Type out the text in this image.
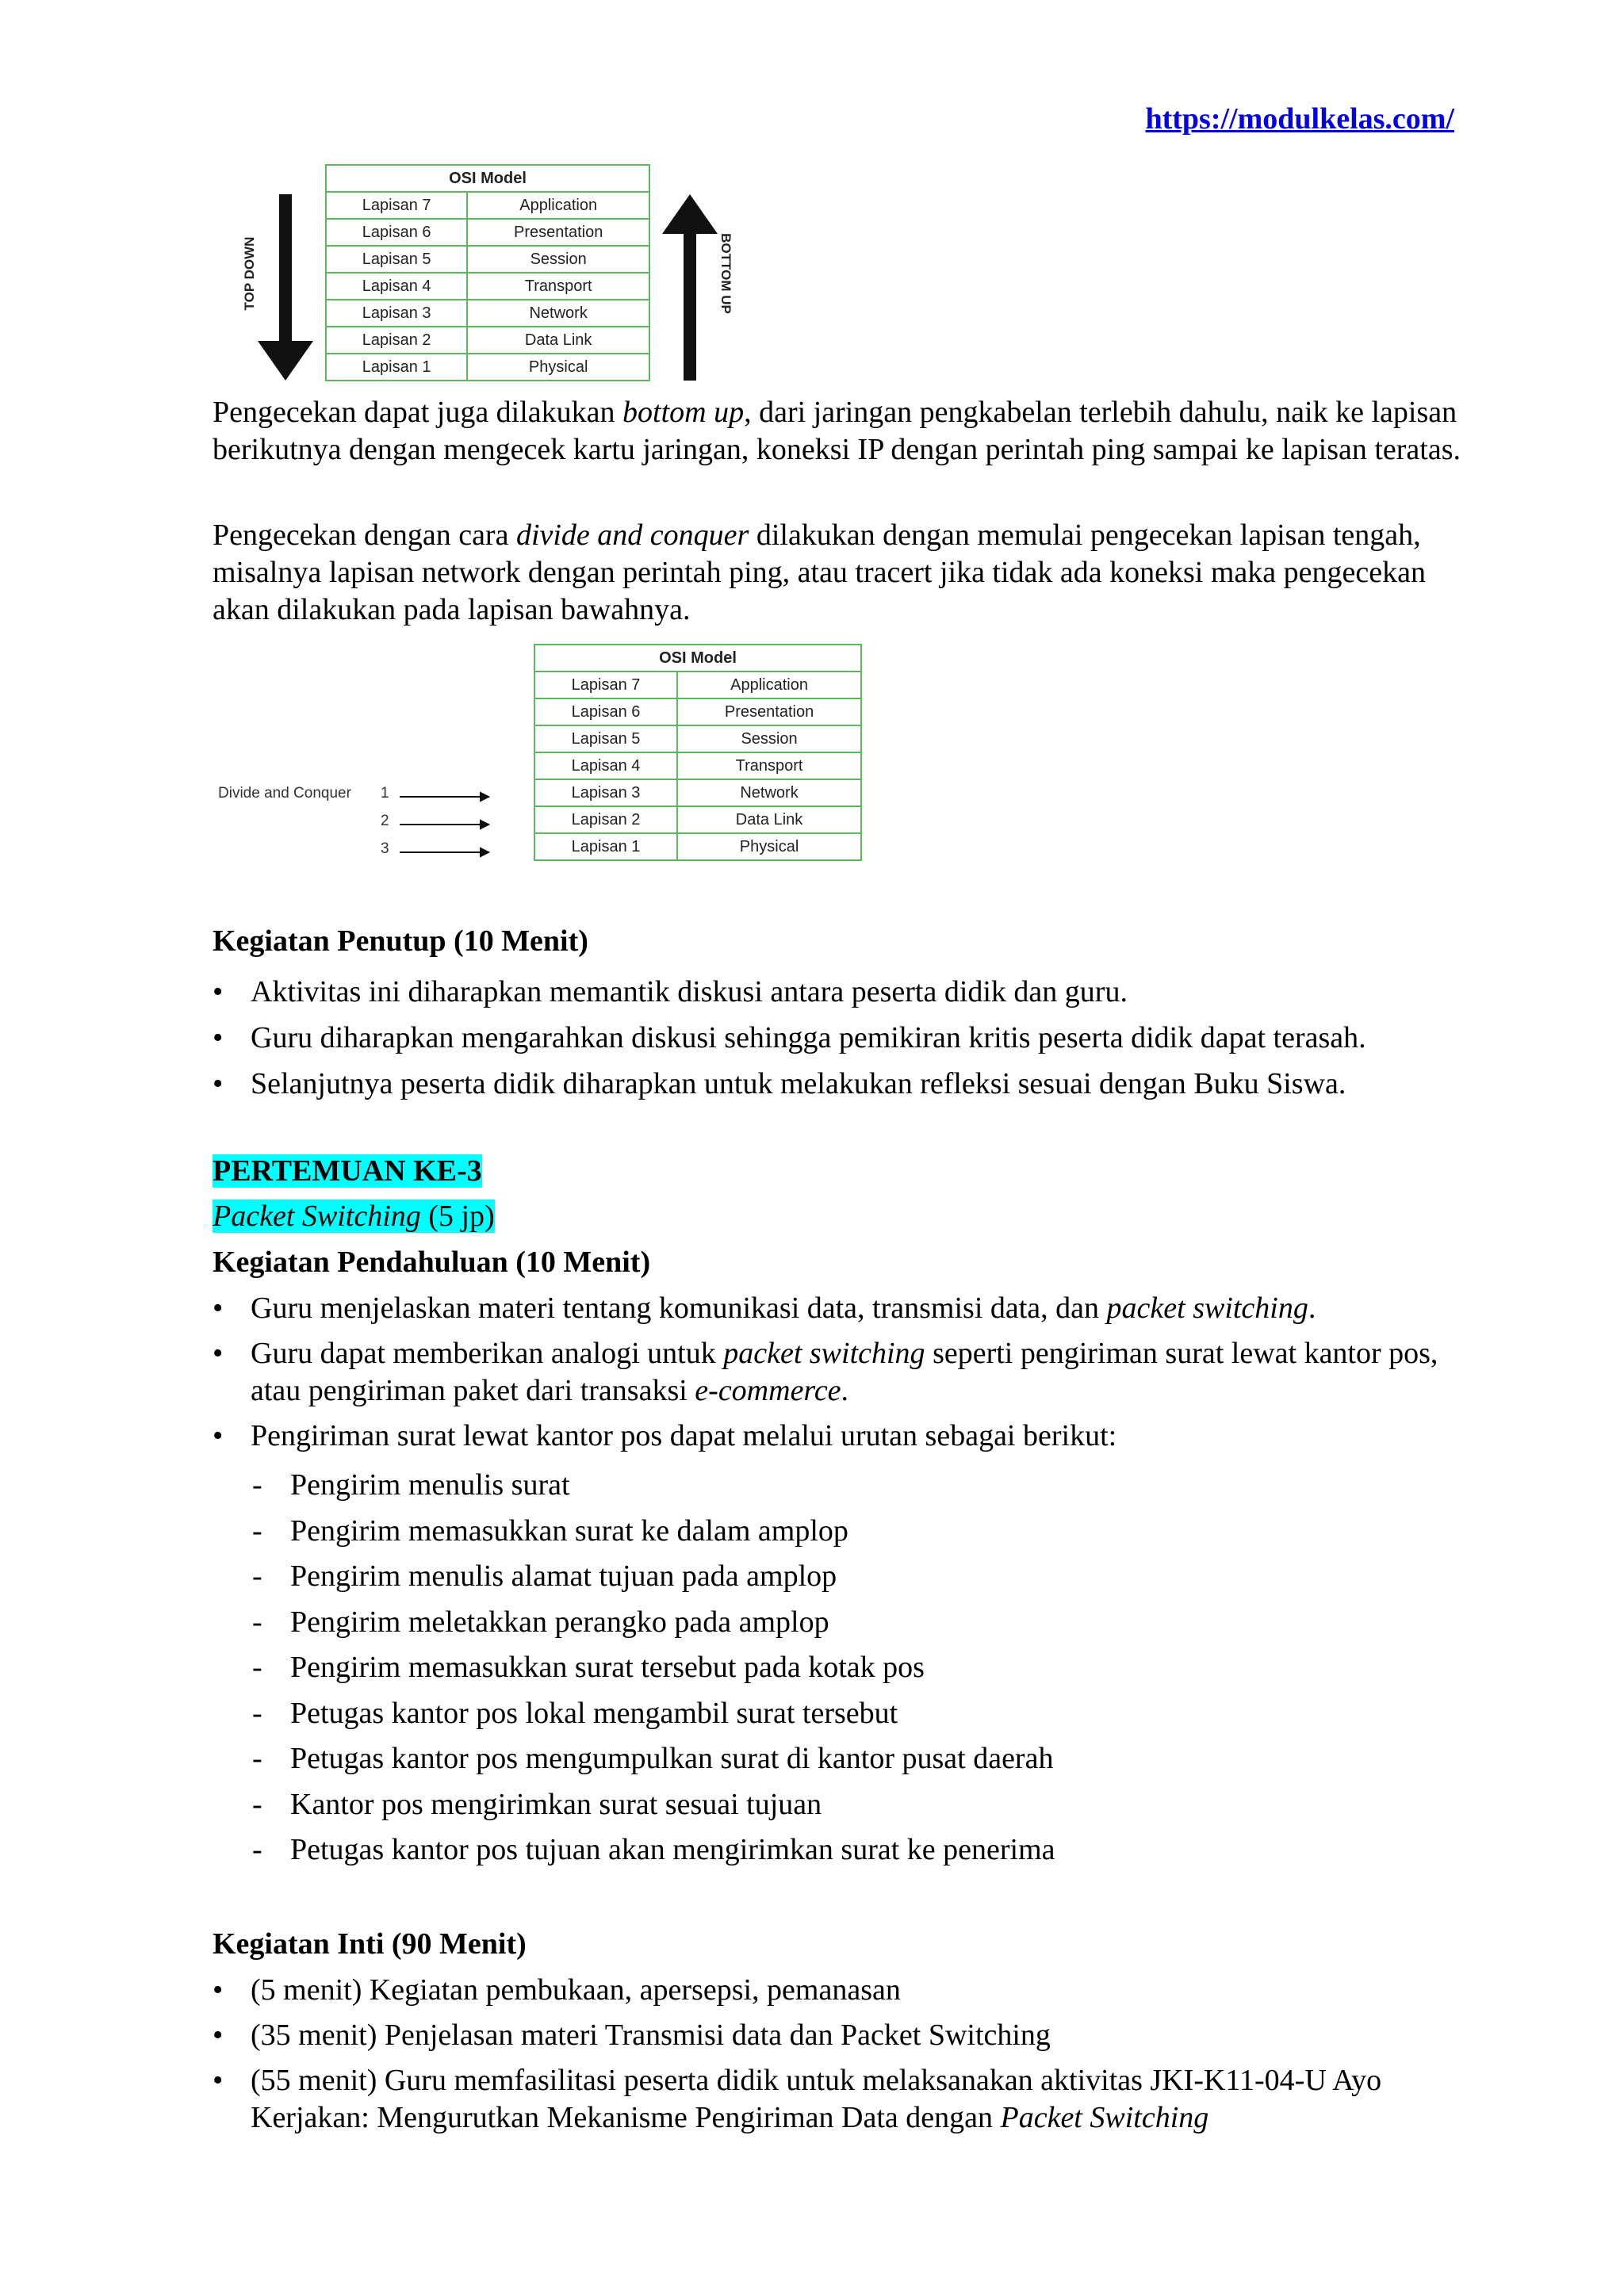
https://modulkelas.com/
TOP DOWN
OSI Model	
Lapisan 7	Application
Lapisan 6	Presentation
Lapisan 5	Session
Lapisan 4	Transport
Lapisan 3	Network
Lapisan 2	Data Link
Lapisan 1	Physical
BOTTOM UP
Pengecekan dapat juga dilakukan bottom up, dari jaringan pengkabelan terlebih dahulu, naik ke lapisan berikutnya dengan mengecek kartu jaringan, koneksi IP dengan perintah ping sampai ke lapisan teratas.
Pengecekan dengan cara divide and conquer dilakukan dengan memulai pengecekan lapisan tengah, misalnya lapisan network dengan perintah ping, atau tracert jika tidak ada koneksi maka pengecekan akan dilakukan pada lapisan bawahnya.
Divide and Conquer 1
2
3
OSI Model	
Lapisan 7	Application
Lapisan 6	Presentation
Lapisan 5	Session
Lapisan 4	Transport
Lapisan 3	Network
Lapisan 2	Data Link
Lapisan 1	Physical
Kegiatan Penutup (10 Menit)
• Aktivitas ini diharapkan memantik diskusi antara peserta didik dan guru.
• Guru diharapkan mengarahkan diskusi sehingga pemikiran kritis peserta didik dapat terasah.
• Selanjutnya peserta didik diharapkan untuk melakukan refleksi sesuai dengan Buku Siswa.
PERTEMUAN KE-3
Packet Switching (5 jp)
Kegiatan Pendahuluan (10 Menit)
• Guru menjelaskan materi tentang komunikasi data, transmisi data, dan packet switching.
• Guru dapat memberikan analogi untuk packet switching seperti pengiriman surat lewat kantor pos, atau pengiriman paket dari transaksi e-commerce.
• Pengiriman surat lewat kantor pos dapat melalui urutan sebagai berikut:
- Pengirim menulis surat
- Pengirim memasukkan surat ke dalam amplop
- Pengirim menulis alamat tujuan pada amplop
- Pengirim meletakkan perangko pada amplop
- Pengirim memasukkan surat tersebut pada kotak pos
- Petugas kantor pos lokal mengambil surat tersebut
- Petugas kantor pos mengumpulkan surat di kantor pusat daerah
- Kantor pos mengirimkan surat sesuai tujuan
- Petugas kantor pos tujuan akan mengirimkan surat ke penerima
Kegiatan Inti (90 Menit)
• (5 menit) Kegiatan pembukaan, apersepsi, pemanasan
• (35 menit) Penjelasan materi Transmisi data dan Packet Switching
• (55 menit) Guru memfasilitasi peserta didik untuk melaksanakan aktivitas JKI-K11-04-U Ayo Kerjakan: Mengurutkan Mekanisme Pengiriman Data dengan Packet Switching
